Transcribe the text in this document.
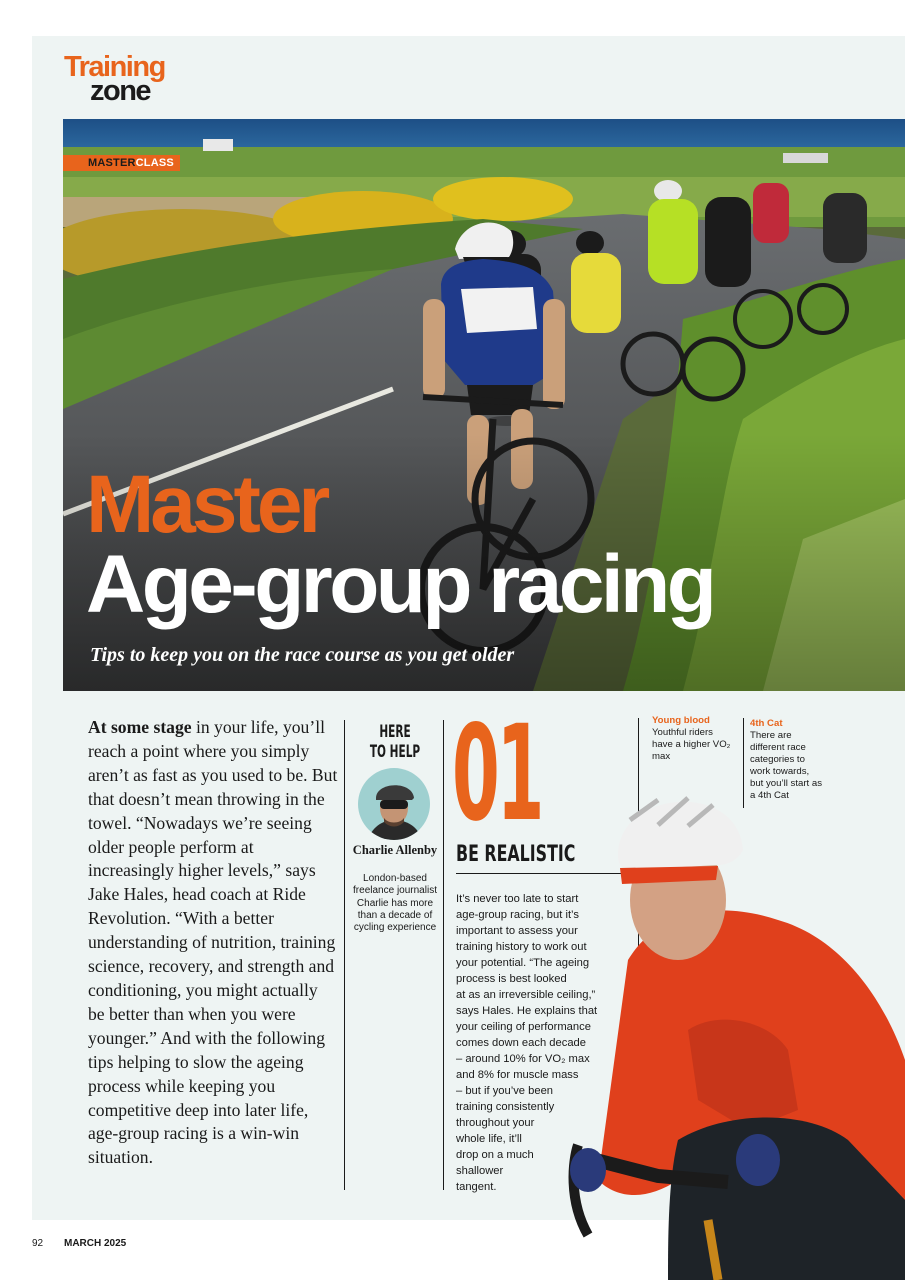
Training
zone
MASTERCLASS
Master
Age-group racing
Tips to keep you on the race course as you get older
At some stage in your life, you’ll reach a point where you simply aren’t as fast as you used to be. But that doesn’t mean throwing in the towel. “Nowadays we’re seeing older people perform at increasingly higher levels,” says Jake Hales, head coach at Ride Revolution. “With a better understanding of nutrition, training science, recovery, and strength and conditioning, you might actually be better than when you were younger.” And with the following tips helping to slow the ageing process while keeping you competitive deep into later life, age-group racing is a win-win situation.
HERE
TO HELP
Charlie Allenby
London-based freelance journalist Charlie has more than a decade of cycling experience
01
BE REALISTIC
It’s never too late to start
age-group racing, but it’s
important to assess your
training history to work out
your potential. “The ageing
process is best looked
at as an irreversible ceiling,”
says Hales. He explains that
your ceiling of performance
comes down each decade
– around 10% for VO₂ max
and 8% for muscle mass
– but if you’ve been
training consistently
throughout your
whole life, it’ll
drop on a much
shallower
tangent.
Young blood
Youthful riders have a higher VO₂ max
4th Cat
There are different race categories to work towards, but you’ll start as a 4th Cat
92 MARCH 2025
